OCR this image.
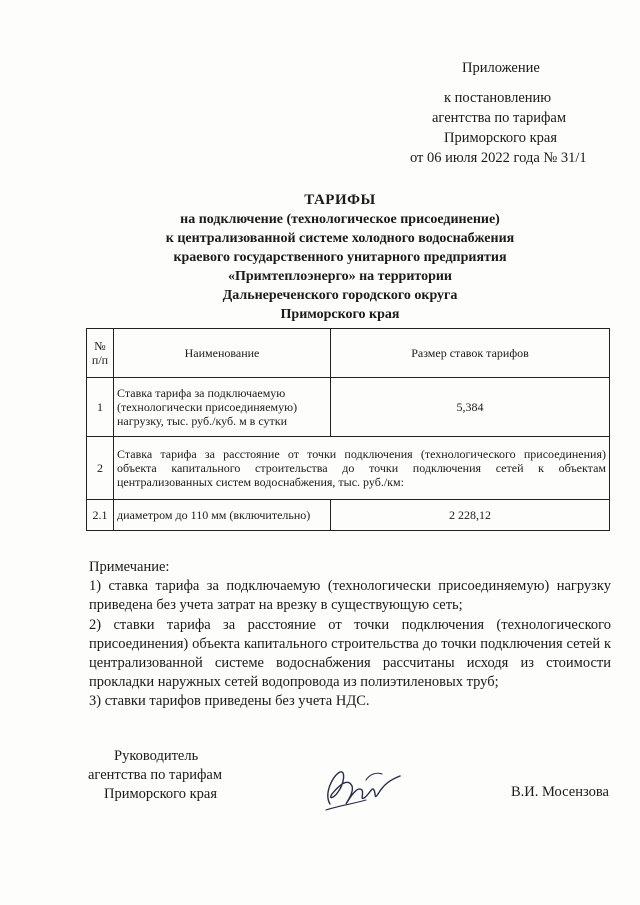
Приложение
к постановлению
агентства по тарифам
Приморского края
от 06 июля 2022 года № 31/1
ТАРИФЫ
на подключение (технологическое присоединение)
к централизованной системе холодного водоснабжения
краевого государственного унитарного предприятия
«Примтеплоэнерго» на территории
Дальнереченского городского округа
Приморского края
№ п/п	Наименование	Размер ставок тарифов
1	Ставка тарифа за подключаемую (технологически присоединяемую) нагрузку, тыс. руб./куб. м в сутки	5,384
2	Ставка тарифа за расстояние от точки подключения (технологического присоединения) объекта капитального строительства до точки подключения сетей к объектам централизованных систем водоснабжения, тыс. руб./км:	
2.1	диаметром до 110 мм (включительно)	2 228,12

Примечание:

1) ставка тарифа за подключаемую (технологически присоединяемую) нагрузку приведена без учета затрат на врезку в существующую сеть;

2) ставки тарифа за расстояние от точки подключения (технологического присоединения) объекта капитального строительства до точки подключения сетей к централизованной системе водоснабжения рассчитаны исходя из стоимости прокладки наружных сетей водопровода из полиэтиленовых труб;

3) ставки тарифов приведены без учета НДС.

Руководитель
агентства по тарифам
Приморского края	В.И. Мосензова
